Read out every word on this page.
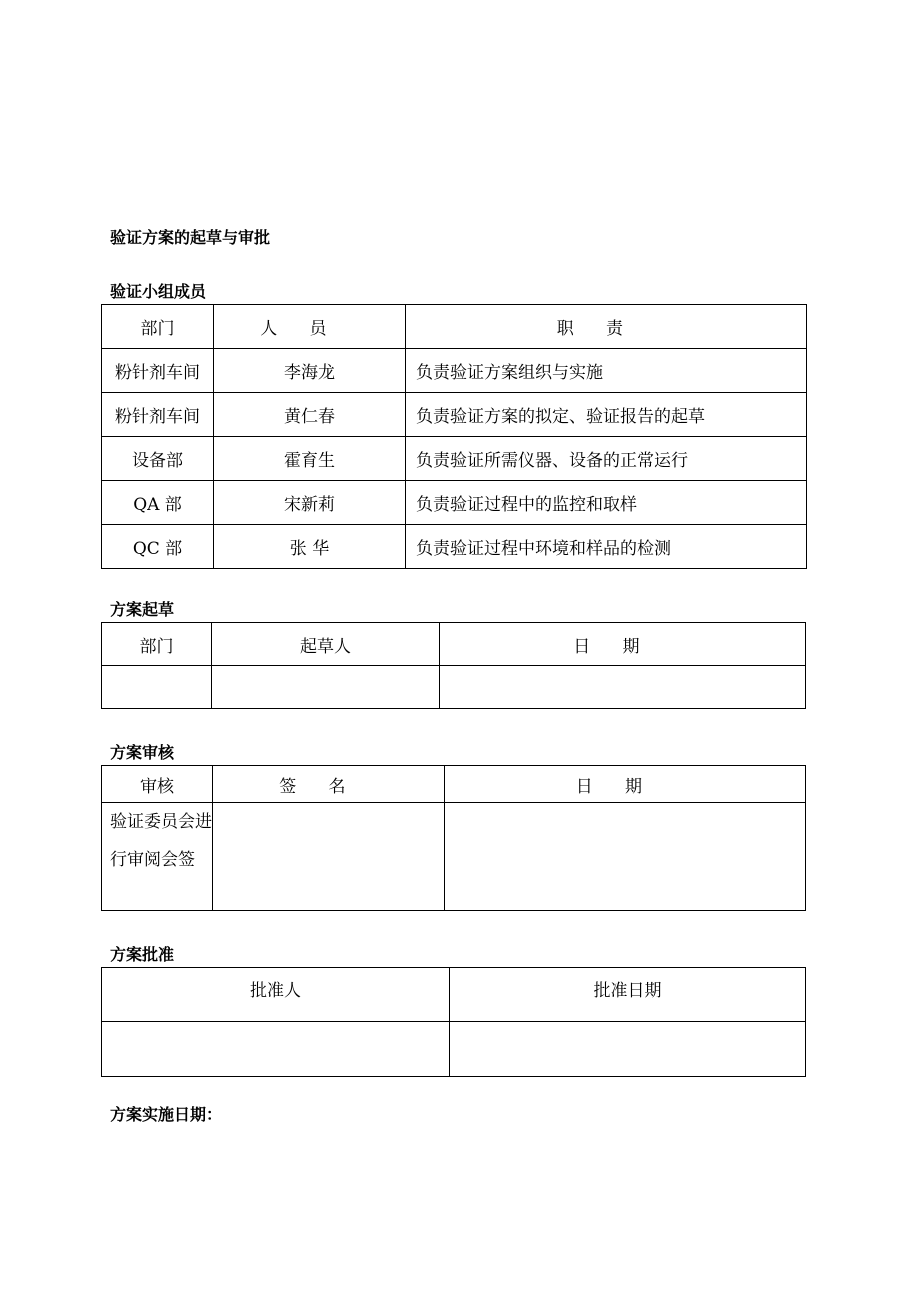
验证方案的起草与审批
验证小组成员
部门	人员	职责
粉针剂车间	李海龙	负责验证方案组织与实施
粉针剂车间	黄仁春	负责验证方案的拟定、验证报告的起草
设备部	霍育生	负责验证所需仪器、设备的正常运行
QA 部	宋新莉	负责验证过程中的监控和取样
QC 部	张 华	负责验证过程中环境和样品的检测
方案起草
部门	起草人	日期

方案审核
审核	签名	日期
验证委员会进行审阅会签		
方案批准
批准人	批准日期

方案实施日期：
